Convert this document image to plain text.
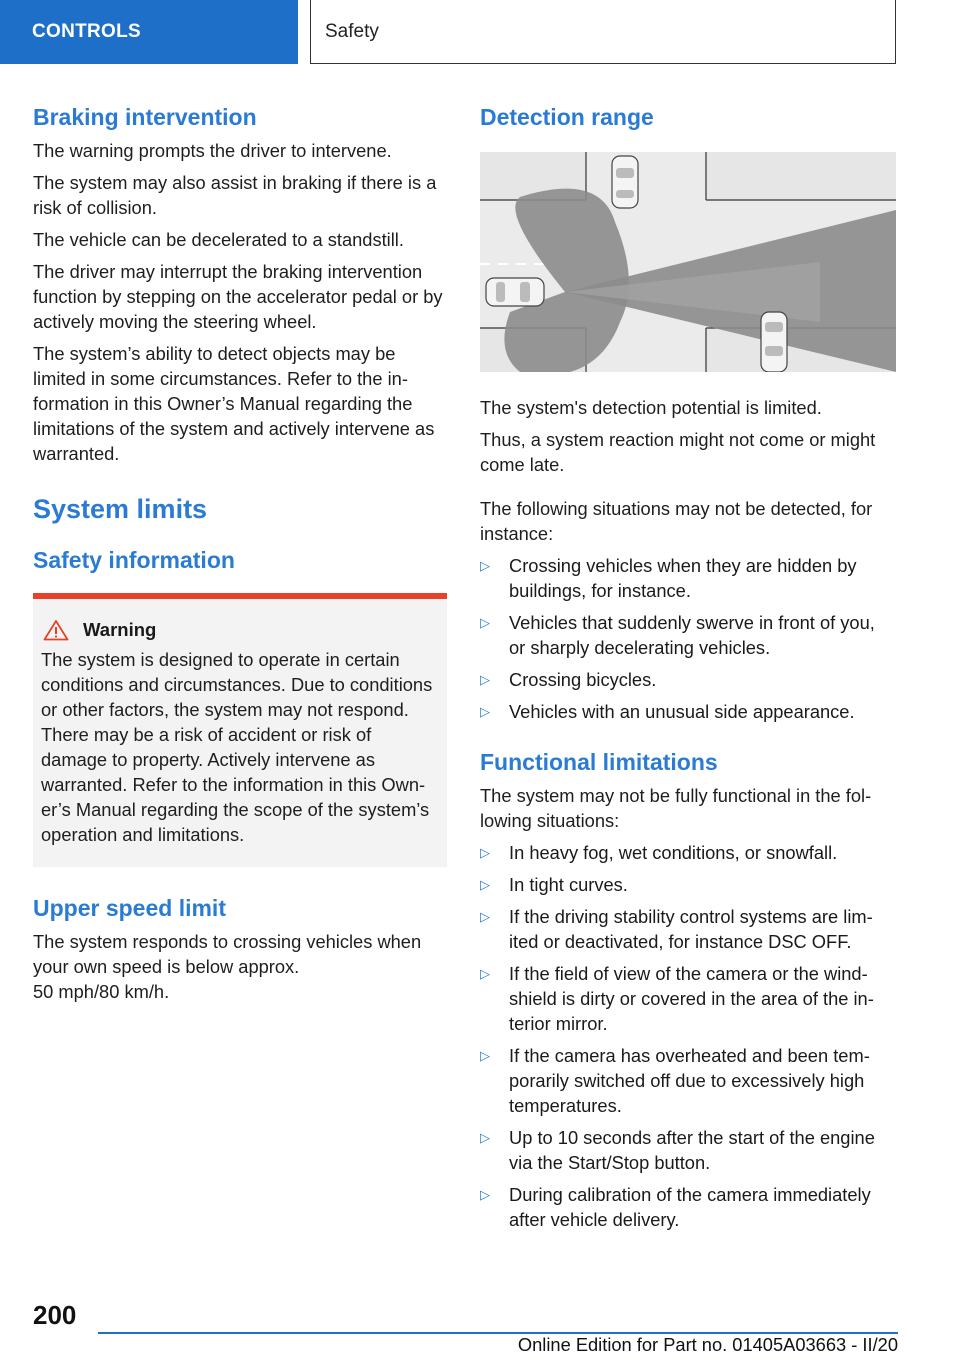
CONTROLS	Safety
Braking intervention

The warning prompts the driver to intervene.

The system may also assist in braking if there is a risk of collision.

The vehicle can be decelerated to a standstill.

The driver may interrupt the braking intervention function by stepping on the accelerator pedal or by actively moving the steering wheel.

The system’s ability to detect objects may be limited in some circumstances. Refer to the information in this Owner’s Manual regarding the limitations of the system and actively intervene as warranted.

System limits
Safety information
Warning

The system is designed to operate in certain conditions and circumstances. Due to conditions or other factors, the system may not respond. There may be a risk of accident or risk of damage to property. Actively intervene as warranted. Refer to the information in this Owner’s Manual regarding the scope of the system’s operation and limitations.

Upper speed limit

The system responds to crossing vehicles when your own speed is below approx.

50 mph/80 km/h.

Detection range

The system's detection potential is limited.

Thus, a system reaction might not come or might come late.

The following situations may not be detected, for instance:

▷ Crossing vehicles when they are hidden by buildings, for instance.
▷ Vehicles that suddenly swerve in front of you, or sharply decelerating vehicles.
▷ Crossing bicycles.
▷ Vehicles with an unusual side appearance.
Functional limitations

The system may not be fully functional in the following situations:

▷ In heavy fog, wet conditions, or snowfall.
▷ In tight curves.
▷ If the driving stability control systems are limited or deactivated, for instance DSC OFF.
▷ If the field of view of the camera or the windshield is dirty or covered in the area of the interior mirror.
▷ If the camera has overheated and been temporarily switched off due to excessively high temperatures.
▷ Up to 10 seconds after the start of the engine via the Start/Stop button.
▷ During calibration of the camera immediately after vehicle delivery.
200
Online Edition for Part no. 01405A03663 - II/20
